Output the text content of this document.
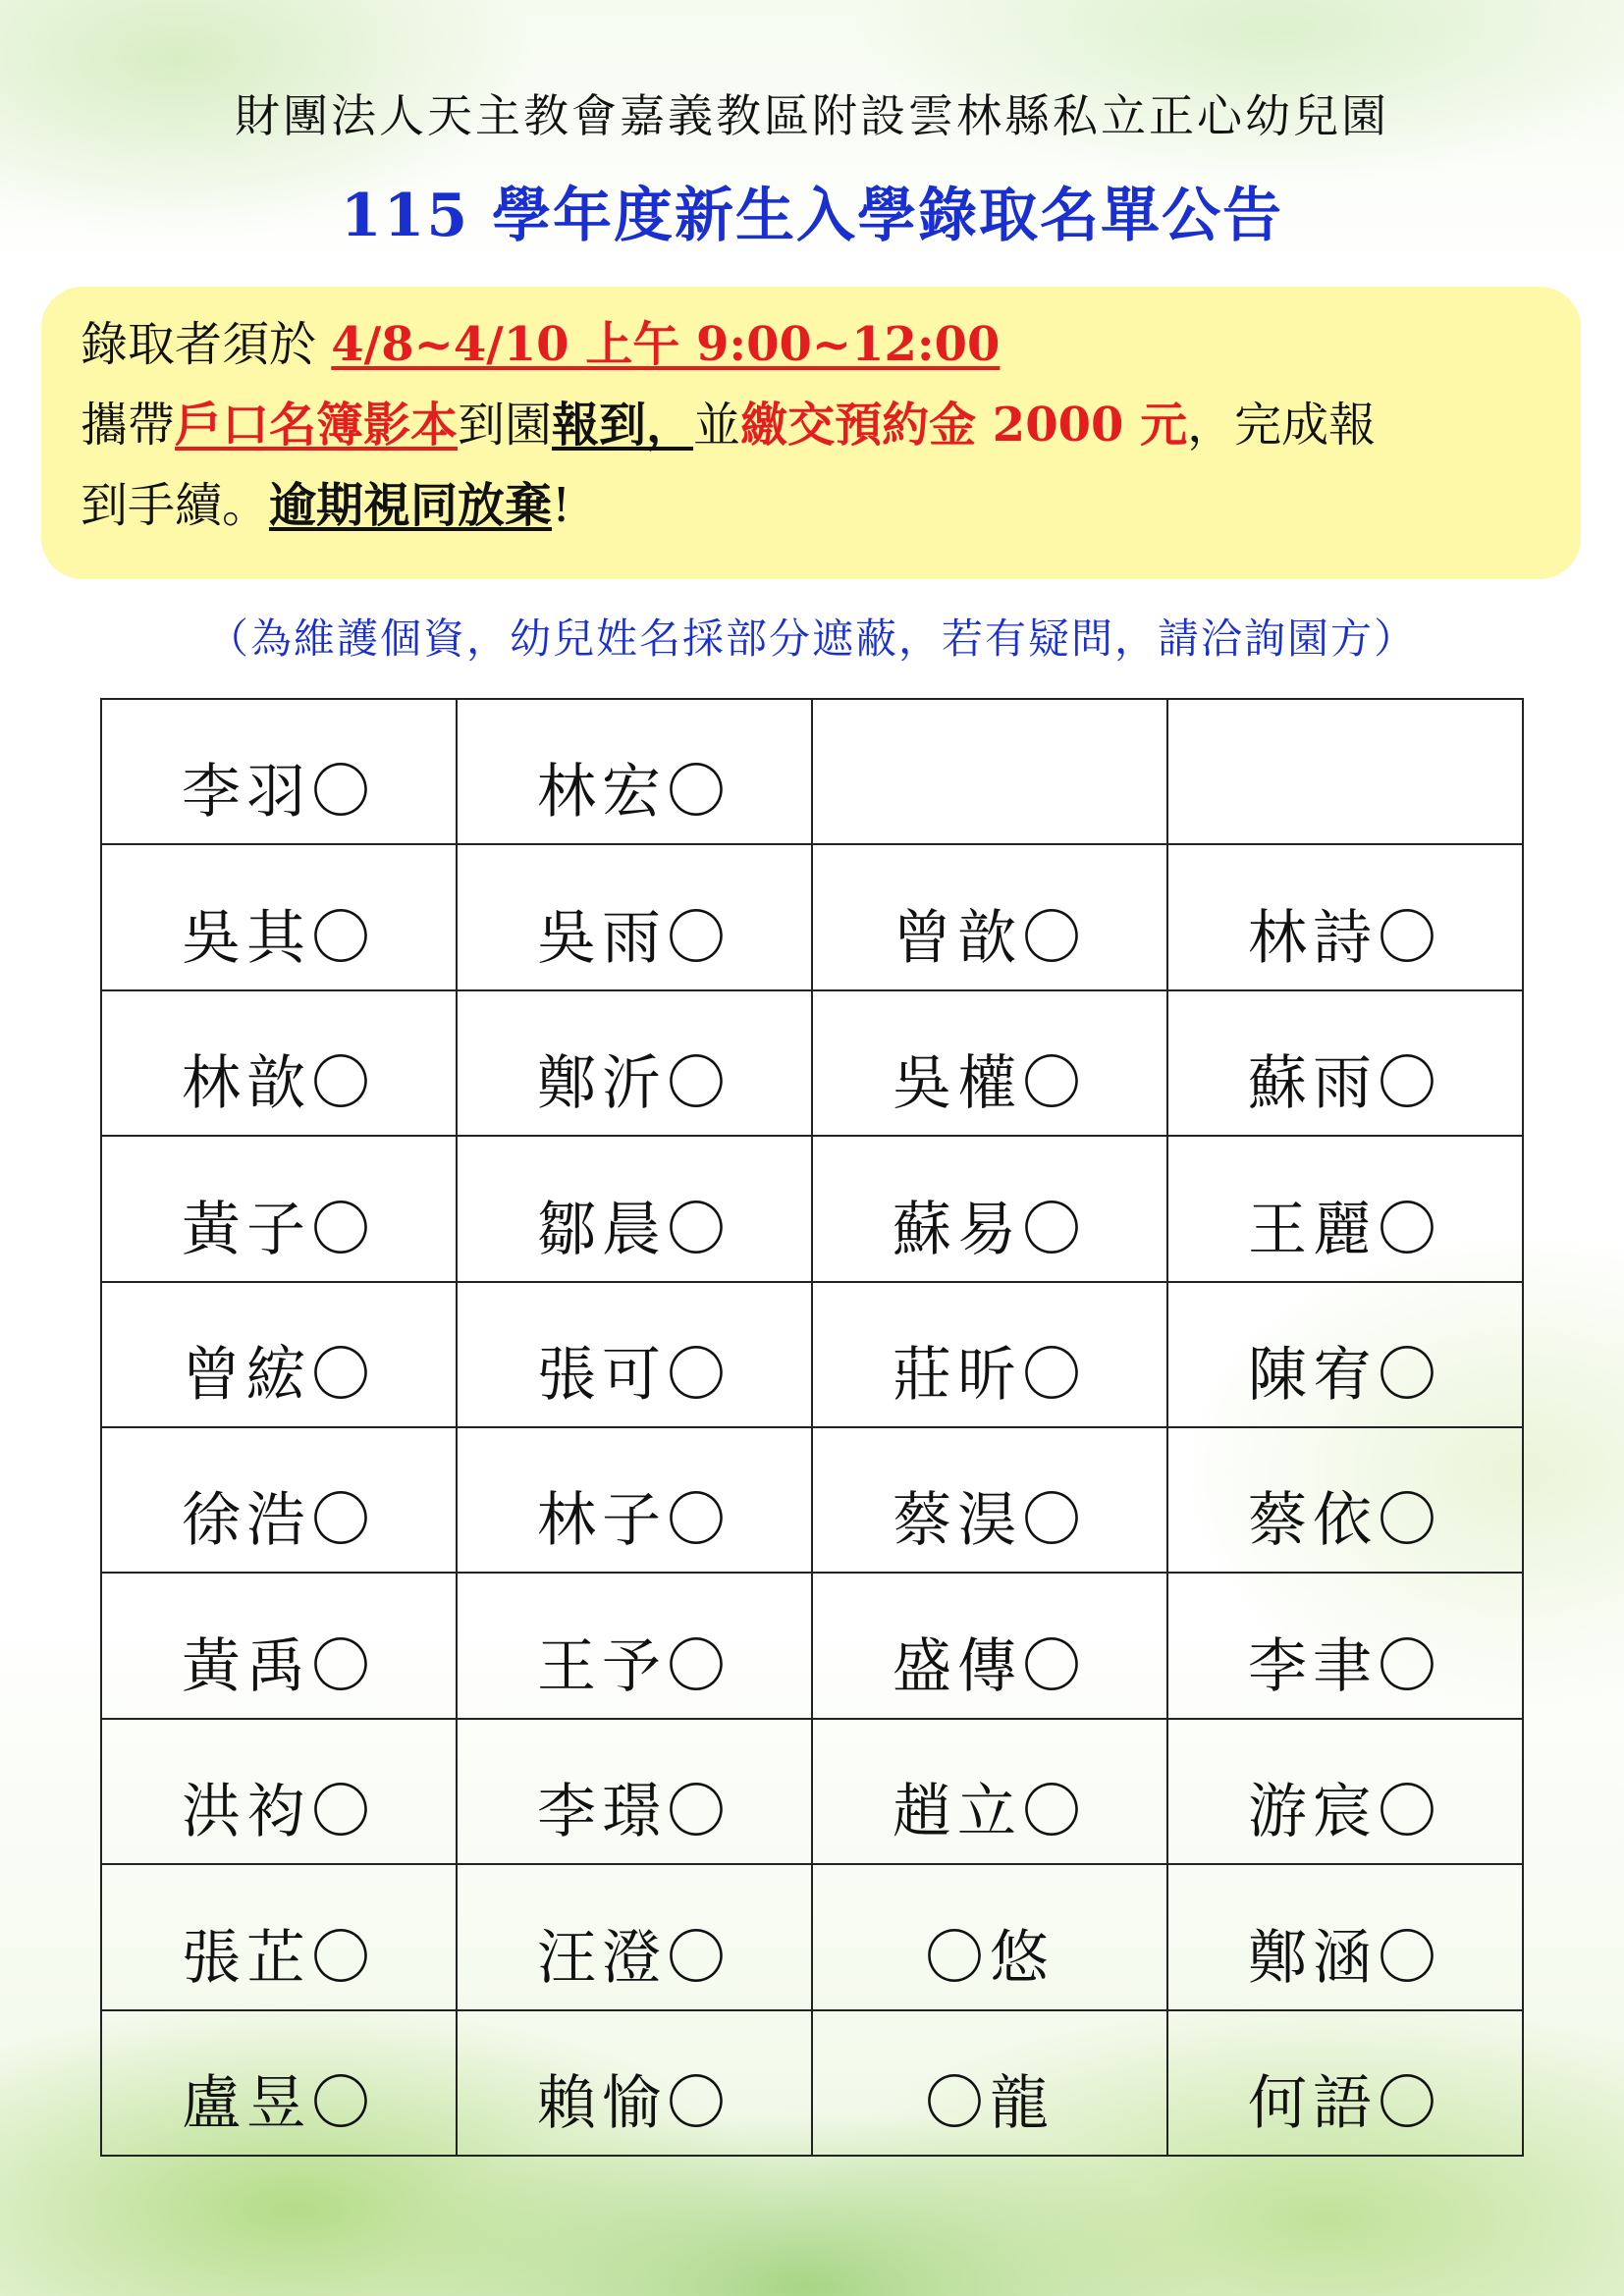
財團法人天主教會嘉義教區附設雲林縣私立正心幼兒園
115 學年度新生入學錄取名單公告
錄取者須於 4/8~4/10 上午 9:00~12:00
攜帶戶口名簿影本到園報到，並繳交預約金 2000 元，完成報
到手續。逾期視同放棄!
（為維護個資，幼兒姓名採部分遮蔽，若有疑問，請洽詢園方）
李羽〇	林宏〇		
吳其〇	吳雨〇	曾歆〇	林詩〇
林歆〇	鄭沂〇	吳權〇	蘇雨〇
黃子〇	鄒晨〇	蘇易〇	王麗〇
曾綋〇	張可〇	莊昕〇	陳宥〇
徐浩〇	林子〇	蔡淏〇	蔡依〇
黃禹〇	王予〇	盛傳〇	李聿〇
洪袀〇	李璟〇	趙立〇	游宸〇
張芷〇	汪澄〇	〇悠	鄭涵〇
盧昱〇	賴愉〇	〇龍	何語〇
